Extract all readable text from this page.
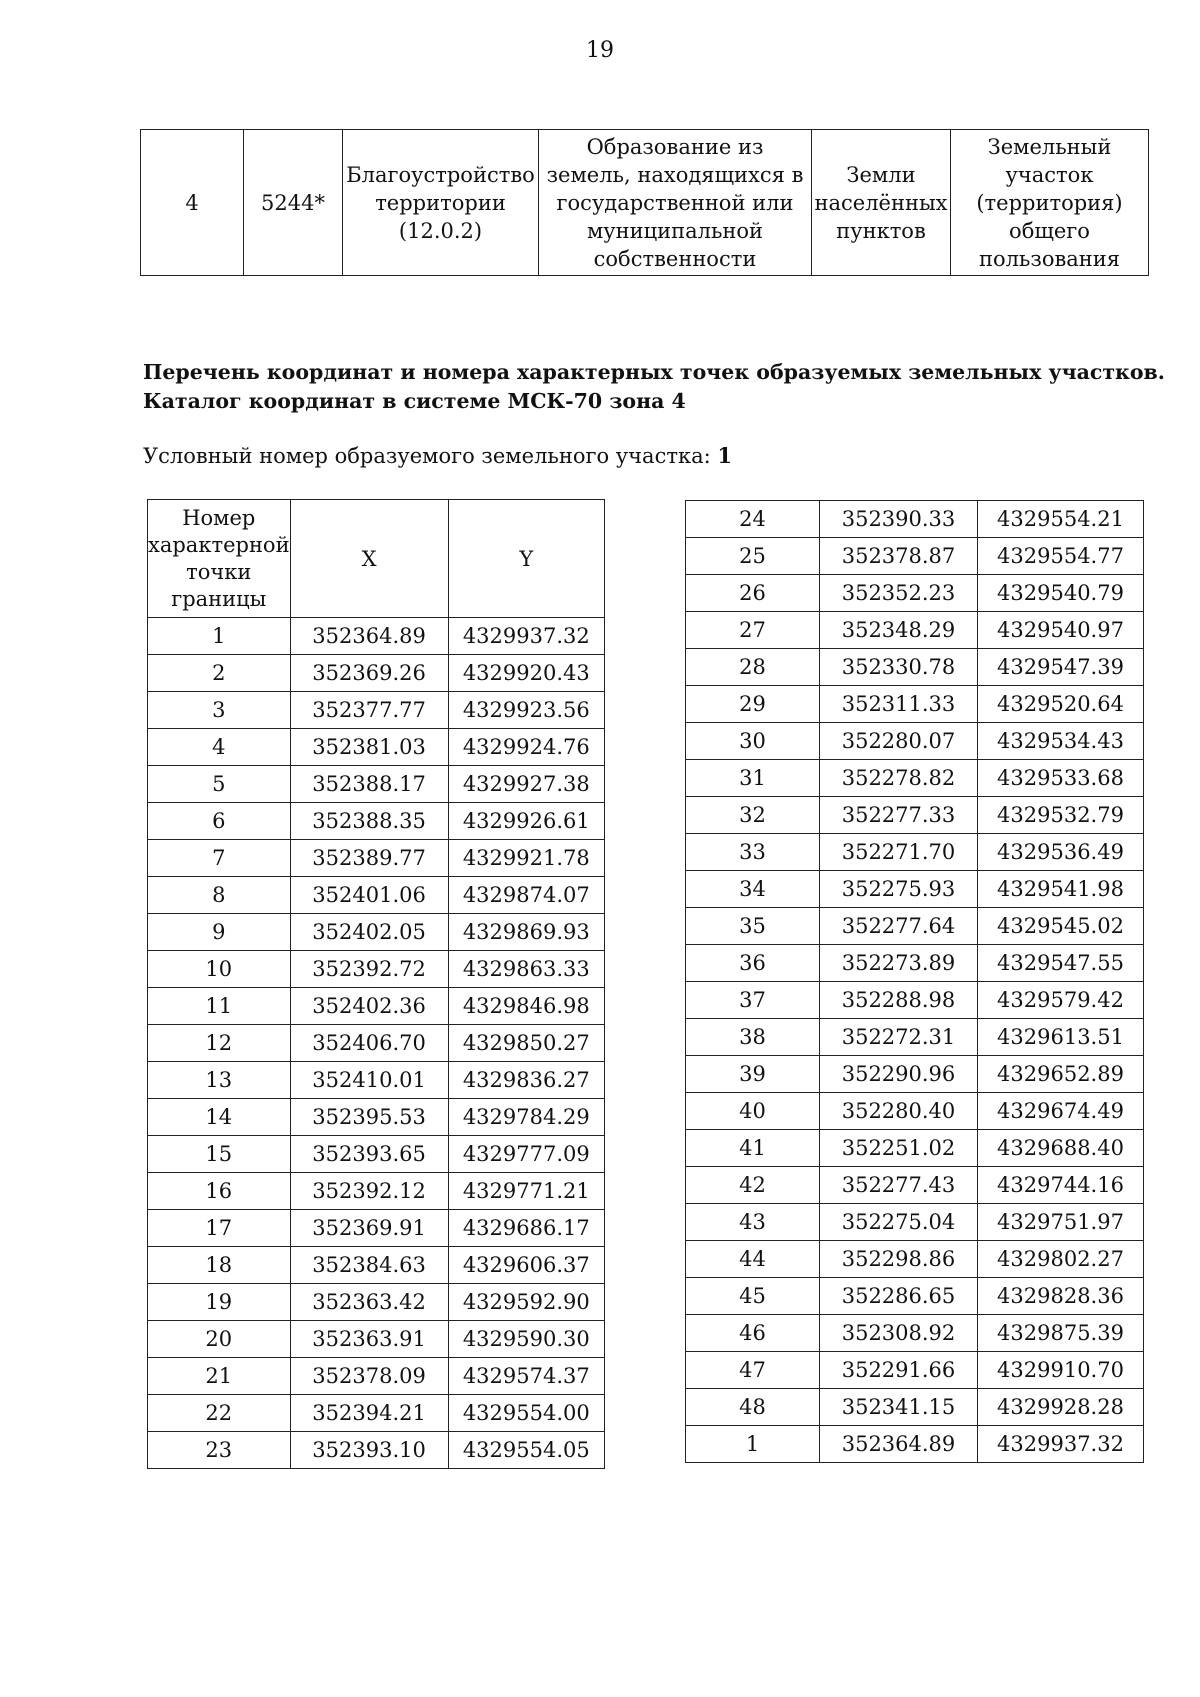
19
4	5244*	Благоустройство территории (12.0.2)	Образование из земель, находящихся в государственной или муниципальной собственности	Земли населённых пунктов	Земельный участок (территория) общего пользования
Перечень координат и номера характерных точек образуемых земельных участков.
Каталог координат в системе МСК-70 зона 4
Условный номер образуемого земельного участка: 1
Номер характерной точки границы	X	Y
1	352364.89	4329937.32
2	352369.26	4329920.43
3	352377.77	4329923.56
4	352381.03	4329924.76
5	352388.17	4329927.38
6	352388.35	4329926.61
7	352389.77	4329921.78
8	352401.06	4329874.07
9	352402.05	4329869.93
10	352392.72	4329863.33
11	352402.36	4329846.98
12	352406.70	4329850.27
13	352410.01	4329836.27
14	352395.53	4329784.29
15	352393.65	4329777.09
16	352392.12	4329771.21
17	352369.91	4329686.17
18	352384.63	4329606.37
19	352363.42	4329592.90
20	352363.91	4329590.30
21	352378.09	4329574.37
22	352394.21	4329554.00
23	352393.10	4329554.05
24	352390.33	4329554.21
25	352378.87	4329554.77
26	352352.23	4329540.79
27	352348.29	4329540.97
28	352330.78	4329547.39
29	352311.33	4329520.64
30	352280.07	4329534.43
31	352278.82	4329533.68
32	352277.33	4329532.79
33	352271.70	4329536.49
34	352275.93	4329541.98
35	352277.64	4329545.02
36	352273.89	4329547.55
37	352288.98	4329579.42
38	352272.31	4329613.51
39	352290.96	4329652.89
40	352280.40	4329674.49
41	352251.02	4329688.40
42	352277.43	4329744.16
43	352275.04	4329751.97
44	352298.86	4329802.27
45	352286.65	4329828.36
46	352308.92	4329875.39
47	352291.66	4329910.70
48	352341.15	4329928.28
1	352364.89	4329937.32
